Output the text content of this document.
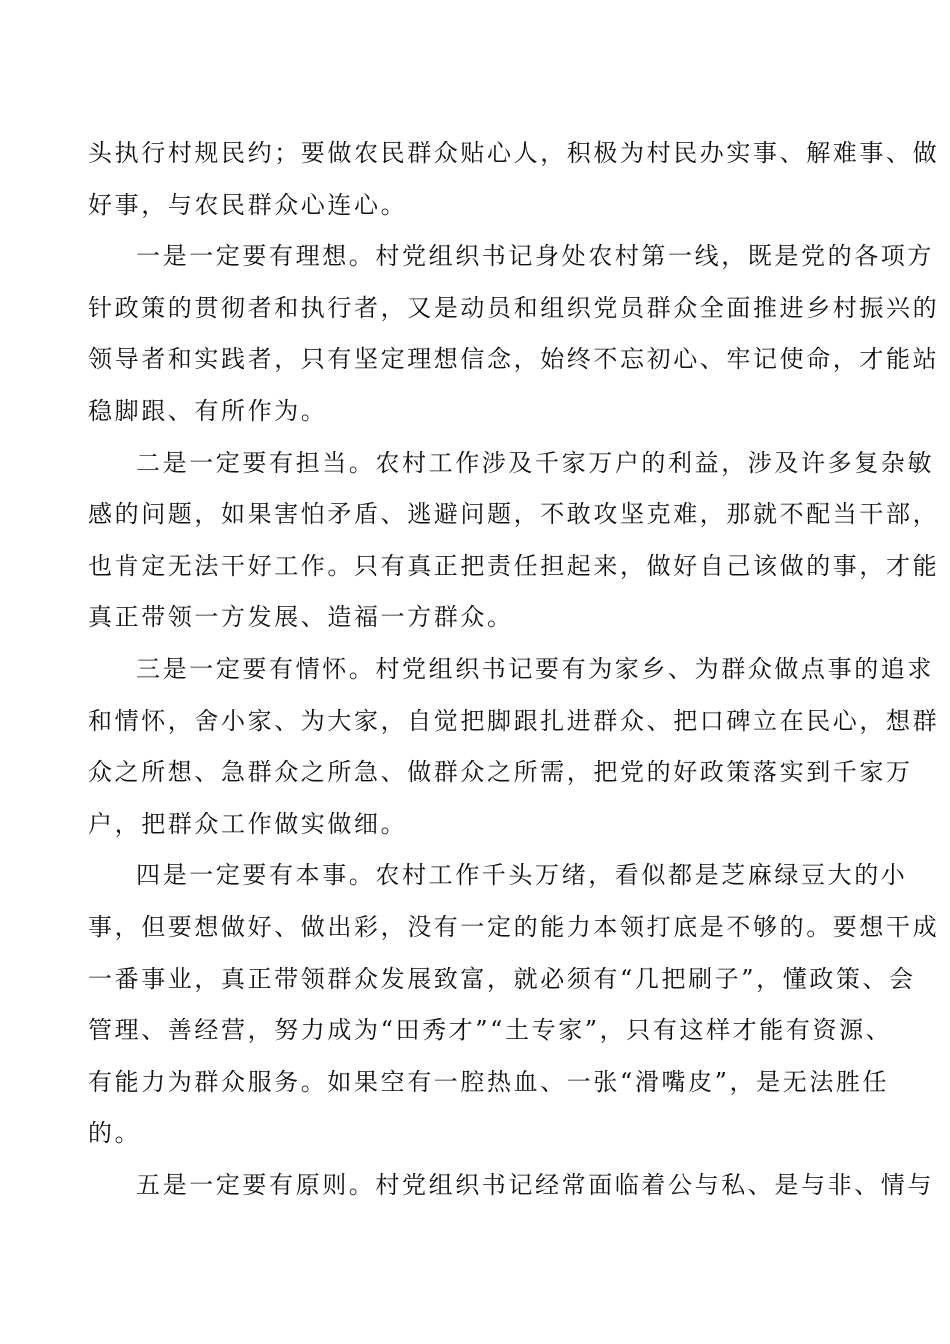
头执行村规民约；要做农民群众贴心人，积极为村民办实事、解难事、做
好事，与农民群众心连心。
一是一定要有理想。村党组织书记身处农村第一线，既是党的各项方
针政策的贯彻者和执行者，又是动员和组织党员群众全面推进乡村振兴的
领导者和实践者，只有坚定理想信念，始终不忘初心、牢记使命，才能站
稳脚跟、有所作为。
二是一定要有担当。农村工作涉及千家万户的利益，涉及许多复杂敏
感的问题，如果害怕矛盾、逃避问题，不敢攻坚克难，那就不配当干部，
也肯定无法干好工作。只有真正把责任担起来，做好自己该做的事，才能
真正带领一方发展、造福一方群众。
三是一定要有情怀。村党组织书记要有为家乡、为群众做点事的追求
和情怀，舍小家、为大家，自觉把脚跟扎进群众、把口碑立在民心，想群
众之所想、急群众之所急、做群众之所需，把党的好政策落实到千家万
户，把群众工作做实做细。
四是一定要有本事。农村工作千头万绪，看似都是芝麻绿豆大的小
事，但要想做好、做出彩，没有一定的能力本领打底是不够的。要想干成
一番事业，真正带领群众发展致富，就必须有“几把刷子”，懂政策、会
管理、善经营，努力成为“田秀才”“土专家”，只有这样才能有资源、
有能力为群众服务。如果空有一腔热血、一张“滑嘴皮”，是无法胜任
的。
五是一定要有原则。村党组织书记经常面临着公与私、是与非、情与
